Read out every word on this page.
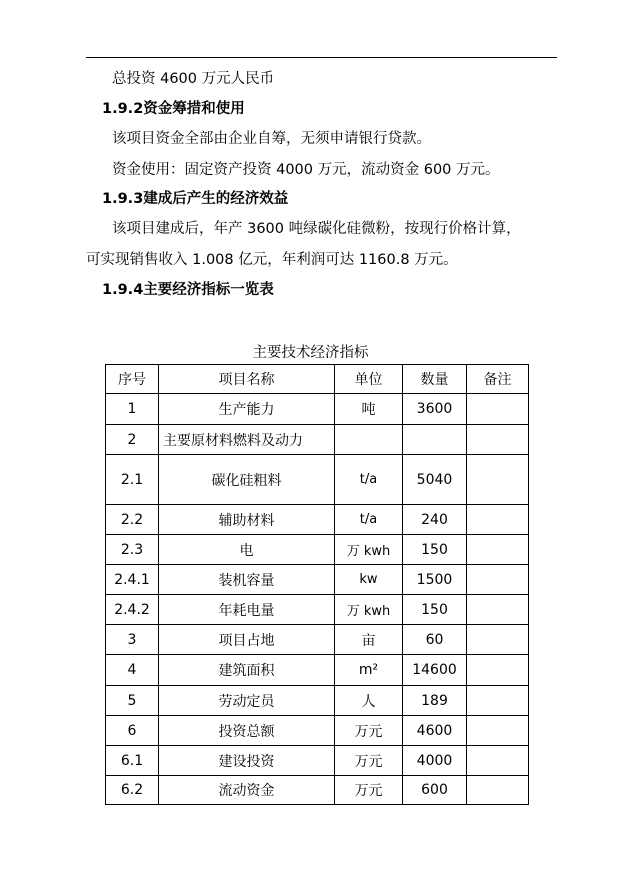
总投资 4600 万元人民币
1.9.2资金筹措和使用
该项目资金全部由企业自筹，无须申请银行贷款。
资金使用：固定资产投资 4000 万元，流动资金 600 万元。
1.9.3建成后产生的经济效益
该项目建成后，年产 3600 吨绿碳化硅微粉，按现行价格计算，
可实现销售收入 1.008 亿元，年利润可达 1160.8 万元。
1.9.4主要经济指标一览表
主要技术经济指标
序号	项目名称	单位	数量	备注
1	生产能力	吨	3600	
2	主要原材料燃料及动力			
2.1	碳化硅粗料	t/a	5040	
2.2	辅助材料	t/a	240	
2.3	电	万 kwh	150	
2.4.1	装机容量	kw	1500	
2.4.2	年耗电量	万 kwh	150	
3	项目占地	亩	60	
4	建筑面积	m²	14600	
5	劳动定员	人	189	
6	投资总额	万元	4600	
6.1	建设投资	万元	4000	
6.2	流动资金	万元	600	
